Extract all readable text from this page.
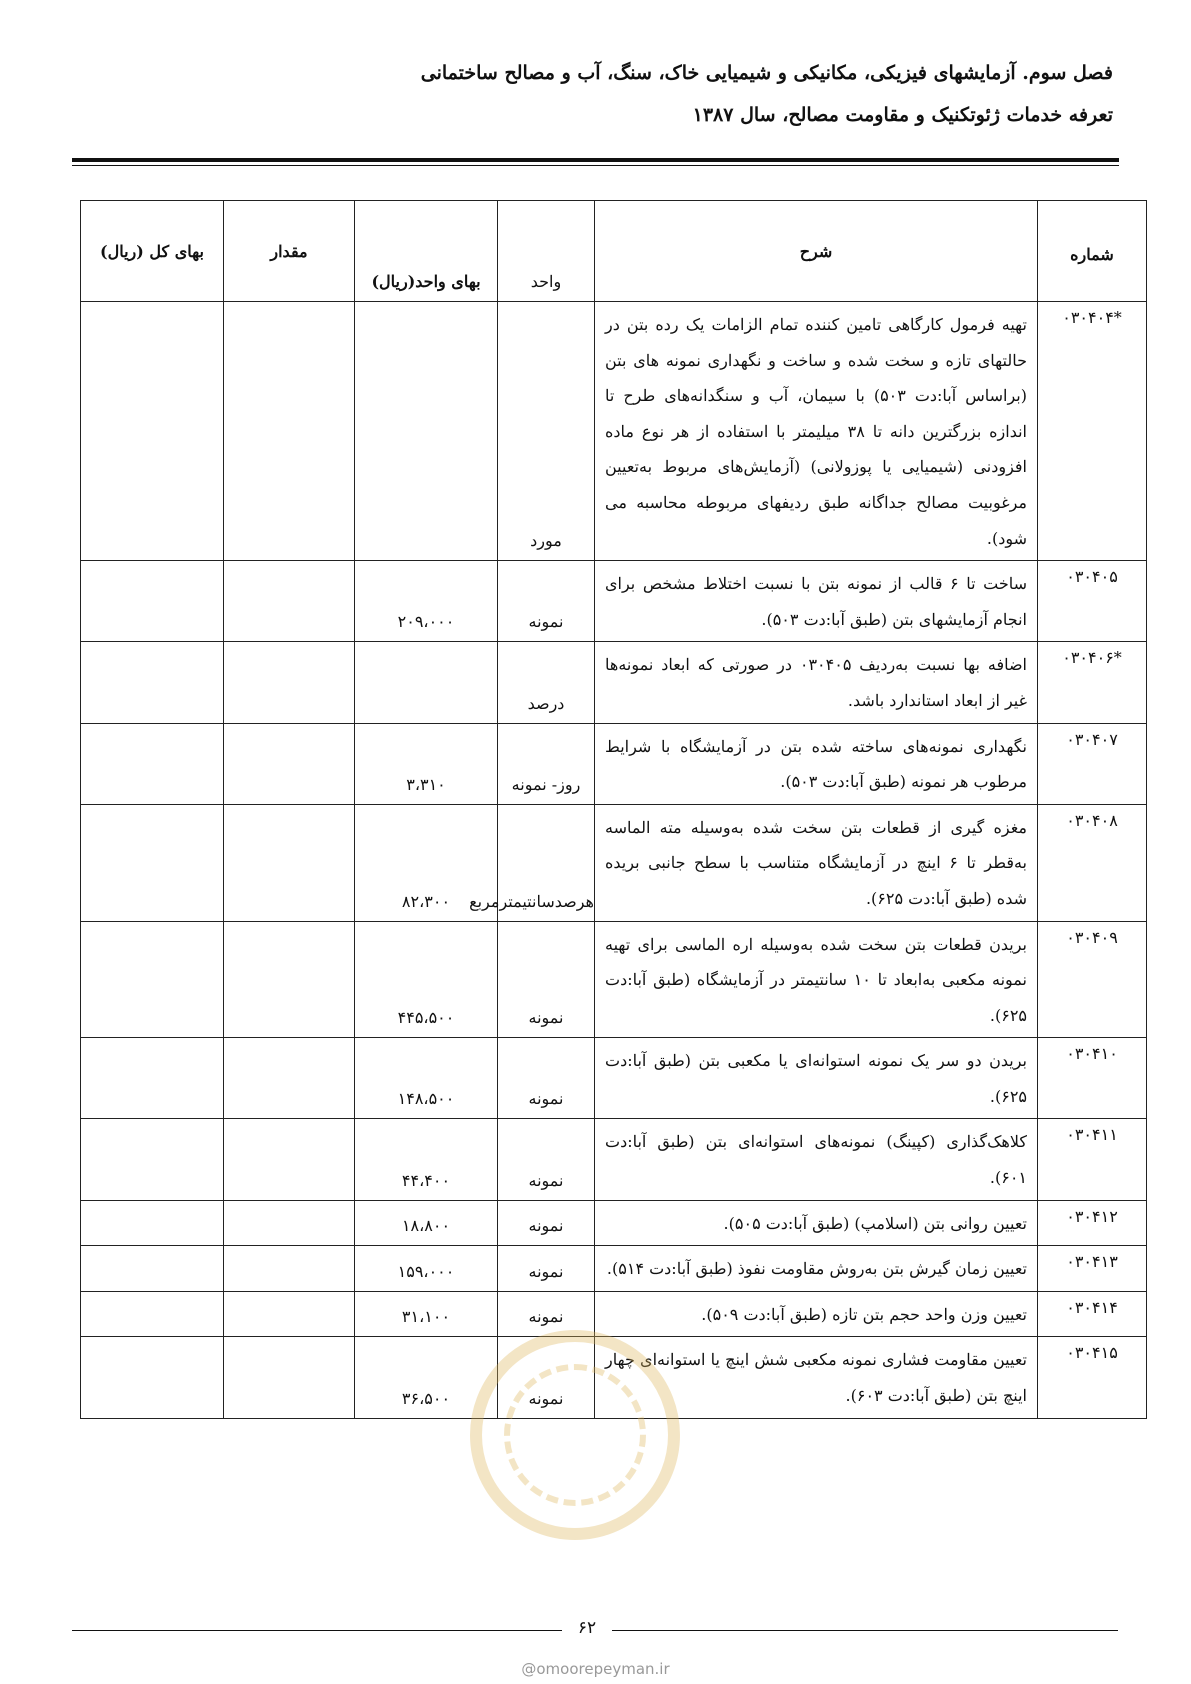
فصل سوم. آزمایشهای فیزیکی، مکانیکی و شیمیایی خاک، سنگ، آب و مصالح ساختمانی
تعرفه خدمات ژئوتکنیک و مقاومت مصالح، سال ۱۳۸۷
شماره	شرح	واحد	بهای واحد(ریال)	مقدار	بهای کل (ریال)
۰۳۰۴۰۴*	تهیه فرمول کارگاهی تامین کننده تمام الزامات یک رده بتن در حالتهای تازه و سخت شده و ساخت و نگهداری نمونه های بتن (براساس آبا:دت ۵۰۳) با سیمان، آب و سنگدانه‌های طرح تا اندازه بزرگترین دانه تا ۳۸ میلیمتر با استفاده از هر نوع ماده افزودنی (شیمیایی یا پوزولانی) (آزمایش‌های مربوط به‌تعیین مرغوبیت مصالح جداگانه طبق ردیفهای مربوطه محاسبه می شود).	مورد			
۰۳۰۴۰۵	ساخت تا ۶ قالب از نمونه بتن با نسبت اختلاط مشخص برای انجام آزمایشهای بتن (طبق آبا:دت ۵۰۳).	نمونه	۲۰۹،۰۰۰		
۰۳۰۴۰۶*	اضافه بها نسبت به‌ردیف ۰۳۰۴۰۵ در صورتی که ابعاد نمونه‌ها غیر از ابعاد استاندارد باشد.	درصد			
۰۳۰۴۰۷	نگهداری نمونه‌های ساخته شده بتن در آزمایشگاه با شرایط مرطوب هر نمونه (طبق آبا:دت ۵۰۳).	روز- نمونه	۳،۳۱۰		
۰۳۰۴۰۸	مغزه گیری از قطعات بتن سخت شده به‌وسیله مته الماسه به‌قطر تا ۶ اینچ در آزمایشگاه متناسب با سطح جانبی بریده شده (طبق آبا:دت ۶۲۵).	هرصدسانتیمترمربع	۸۲،۳۰۰		
۰۳۰۴۰۹	بریدن قطعات بتن سخت شده به‌وسیله اره الماسی برای تهیه نمونه مکعبی به‌ابعاد تا ۱۰ سانتیمتر در آزمایشگاه (طبق آبا:دت ۶۲۵).	نمونه	۴۴۵،۵۰۰		
۰۳۰۴۱۰	بریدن دو سر یک نمونه استوانه‌ای یا مکعبی بتن (طبق آبا:دت ۶۲۵).	نمونه	۱۴۸،۵۰۰		
۰۳۰۴۱۱	کلاهک‌گذاری (کپینگ) نمونه‌های استوانه‌ای بتن (طبق آبا:دت ۶۰۱).	نمونه	۴۴،۴۰۰		
۰۳۰۴۱۲	تعیین روانی بتن (اسلامپ) (طبق آبا:دت ۵۰۵).	نمونه	۱۸،۸۰۰		
۰۳۰۴۱۳	تعیین زمان گیرش بتن به‌روش مقاومت نفوذ (طبق آبا:دت ۵۱۴).	نمونه	۱۵۹،۰۰۰		
۰۳۰۴۱۴	تعیین وزن واحد حجم بتن تازه (طبق آبا:دت ۵۰۹).	نمونه	۳۱،۱۰۰		
۰۳۰۴۱۵	تعیین مقاومت فشاری نمونه مکعبی شش اینچ یا استوانه‌ای چهار اینچ بتن (طبق آبا:دت ۶۰۳).	نمونه	۳۶،۵۰۰		
۶۲
@omoorepeyman.ir
